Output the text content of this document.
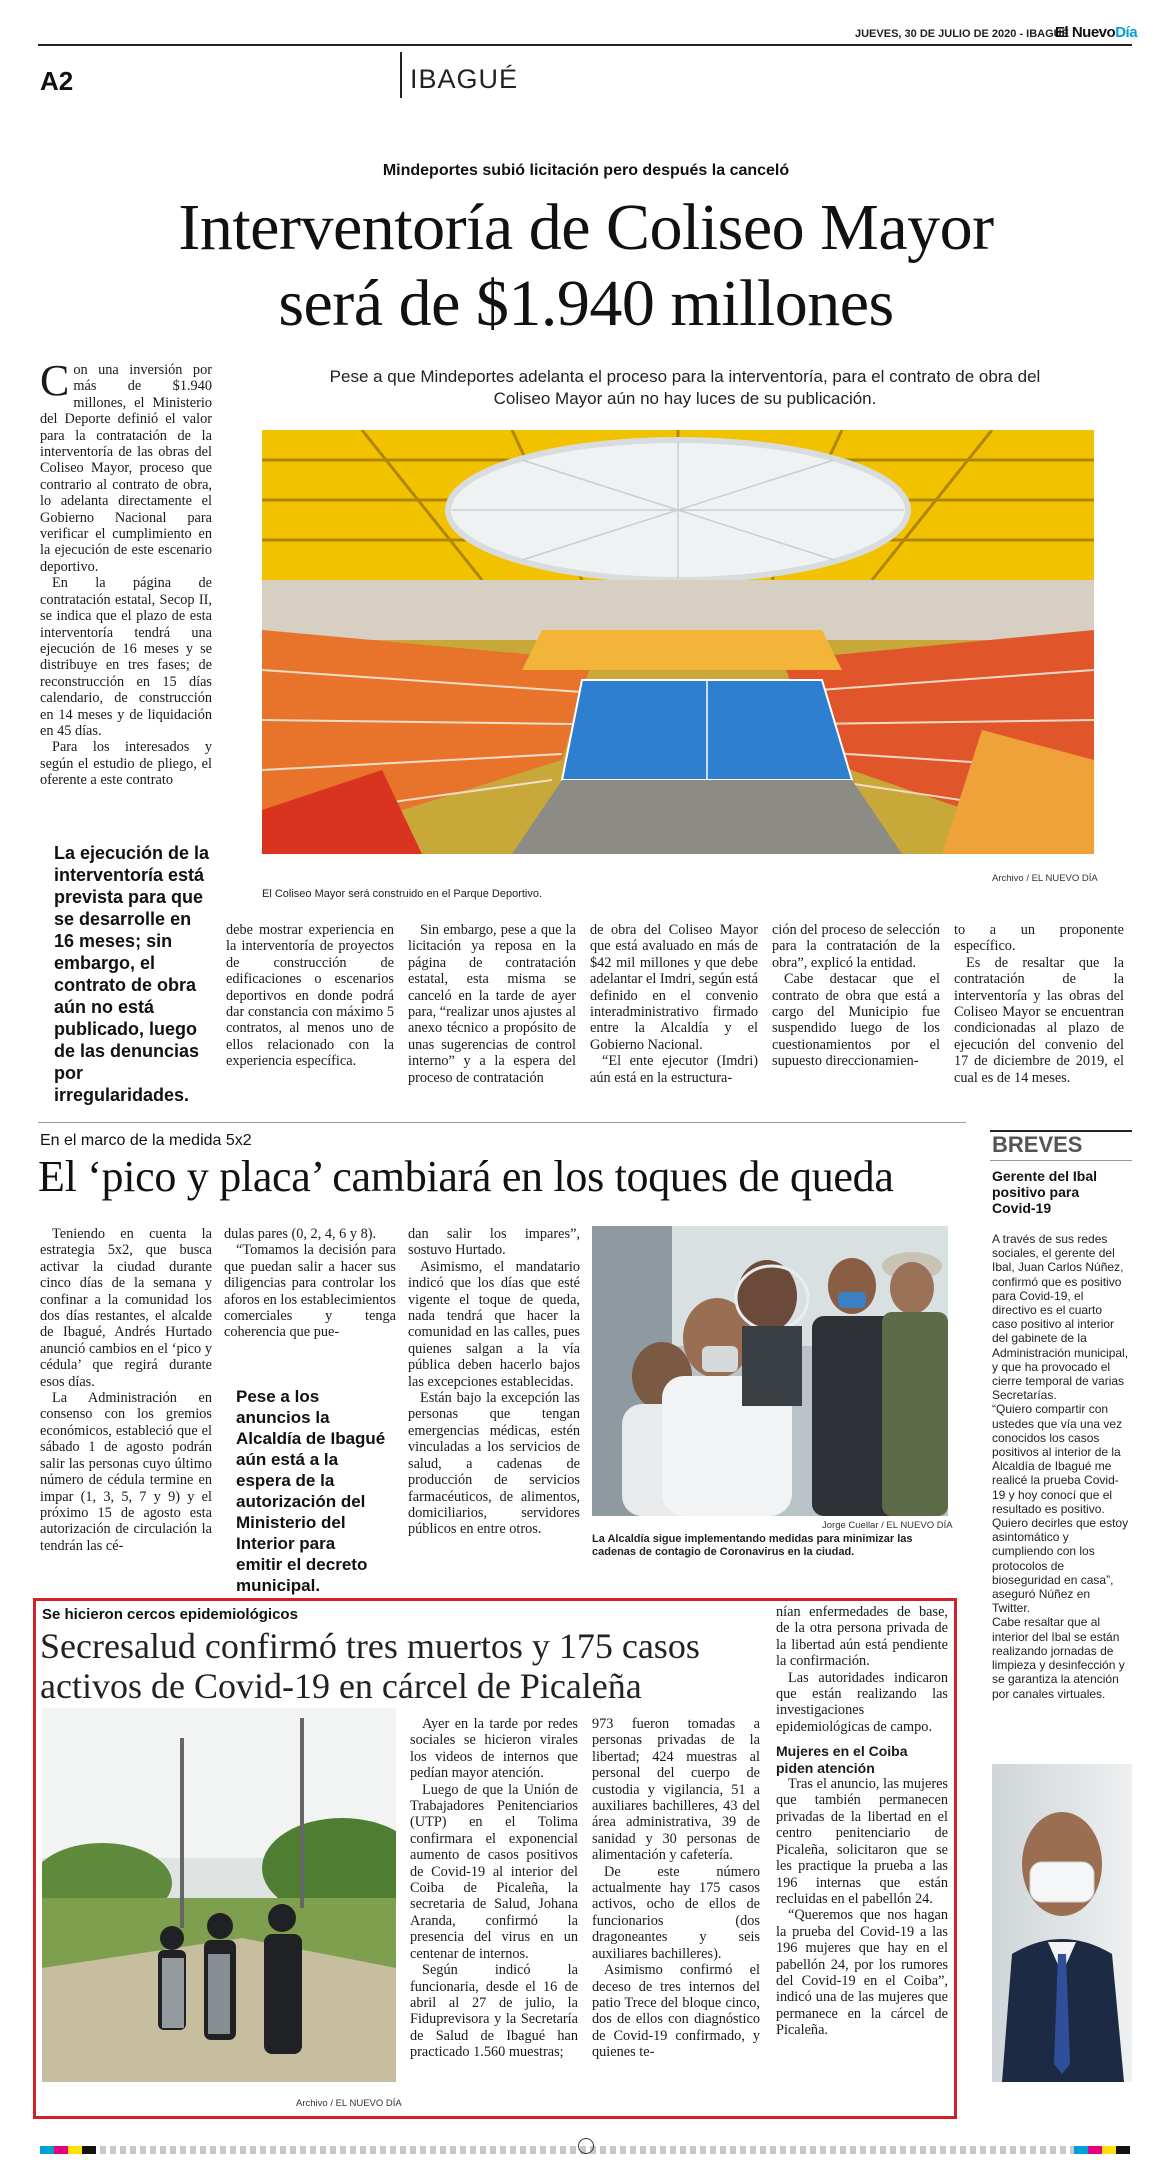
JUEVES, 30 DE JULIO DE 2020 - IBAGUÉ
El NuevoDía
A2	IBAGUÉ
Mindeportes subió licitación pero después la canceló
Interventoría de Coliseo Mayor
será de $1.940 millones
Pese a que Mindeportes adelanta el proceso para la interventoría, para el contrato de obra del
Coliseo Mayor aún no hay luces de su publicación.
C on una inversión por más de $1.940 millones, el Ministerio del Deporte definió el valor para la contratación de la interventoría de las obras del Coliseo Mayor, proceso que contrario al contrato de obra, lo adelanta directamente el Gobierno Nacional para verificar el cumplimiento en la ejecución de este escenario deportivo.

En la página de contratación estatal, Secop II, se indica que el plazo de esta interventoría tendrá una ejecución de 16 meses y se distribuye en tres fases; de reconstrucción en 15 días calendario, de construcción en 14 meses y de liquidación en 45 días.

Para los interesados y según el estudio de pliego, el oferente a este contrato

El Coliseo Mayor será construido en el Parque Deportivo.
Archivo / EL NUEVO DÍA
La ejecución de la interventoría está prevista para que se desarrolle en 16 meses; sin embargo, el contrato de obra aún no está publicado, luego de las denuncias por irregularidades.

debe mostrar experiencia en la interventoría de proyectos de construcción de edificaciones o escenarios deportivos en donde podrá dar constancia con máximo 5 contratos, al menos uno de ellos relacionado con la experiencia específica.

Sin embargo, pese a que la licitación ya reposa en la página de contratación estatal, esta misma se canceló en la tarde de ayer para, “realizar unos ajustes al anexo técnico a propósito de unas sugerencias de control interno” y a la espera del proceso de contratación

de obra del Coliseo Mayor que está avaluado en más de $42 mil millones y que debe adelantar el Imdri, según está definido en el convenio interadministrativo firmado entre la Alcaldía y el Gobierno Nacional.

“El ente ejecutor (Imdri) aún está en la estructura-

ción del proceso de selección para la contratación de la obra”, explicó la entidad.

Cabe destacar que el contrato de obra que está a cargo del Municipio fue suspendido luego de los cuestionamientos por el supuesto direccionamien-

to a un proponente específico.

Es de resaltar que la contratación de la interventoría y las obras del Coliseo Mayor se encuentran condicionadas al plazo de ejecución del convenio del 17 de diciembre de 2019, el cual es de 14 meses.

En el marco de la medida 5x2
El ‘pico y placa’ cambiará en los toques de queda

Teniendo en cuenta la estrategia 5x2, que busca activar la ciudad durante cinco días de la semana y confinar a la comunidad los dos días restantes, el alcalde de Ibagué, Andrés Hurtado anunció cambios en el ‘pico y cédula’ que regirá durante esos días.

La Administración en consenso con los gremios económicos, estableció que el sábado 1 de agosto podrán salir las personas cuyo último número de cédula termine en impar (1, 3, 5, 7 y 9) y el próximo 15 de agosto esta autorización de circulación la tendrán las cé-

dulas pares (0, 2, 4, 6 y 8).

“Tomamos la decisión para que puedan salir a hacer sus diligencias para controlar los aforos en los establecimientos comerciales y tenga coherencia que pue-

Pese a los anuncios la Alcaldía de Ibagué aún está a la espera de la autorización del Ministerio del Interior para emitir el decreto municipal.

dan salir los impares”, sostuvo Hurtado.

Asimismo, el mandatario indicó que los días que esté vigente el toque de queda, nada tendrá que hacer la comunidad en las calles, pues quienes salgan a la vía pública deben hacerlo bajos las excepciones establecidas.

Están bajo la excepción las personas que tengan emergencias médicas, estén vinculadas a los servicios de salud, a cadenas de producción de servicios farmacéuticos, de alimentos, domiciliarios, servidores públicos en entre otros.	Jorge Cuellar / EL NUEVO DÍA
La Alcaldía sigue implementando medidas para minimizar las cadenas de contagio de Coronavirus en la ciudad.
BREVES
Gerente del Ibal positivo para Covid-19

A través de sus redes sociales, el gerente del Ibal, Juan Carlos Núñez, confirmó que es positivo para Covid-19, el directivo es el cuarto caso positivo al interior del gabinete de la Administración municipal, y que ha provocado el cierre temporal de varias Secretarías.

“Quiero compartir con ustedes que vía una vez conocidos los casos positivos al interior de la Alcaldía de Ibagué me realicé la prueba Covid-19 y hoy conocí que el resultado es positivo. Quiero decirles que estoy asintomático y cumpliendo con los protocolos de bioseguridad en casa”, aseguró Núñez en Twitter.

Cabe resaltar que al interior del Ibal se están realizando jornadas de limpieza y desinfección y se garantiza la atención por canales virtuales.

Se hicieron cercos epidemiológicos
Secresalud confirmó tres muertos y 175 casos
activos de Covid-19 en cárcel de Picaleña
Archivo / EL NUEVO DÍA

Ayer en la tarde por redes sociales se hicieron virales los videos de internos que pedían mayor atención.

Luego de que la Unión de Trabajadores Penitenciarios (UTP) en el Tolima confirmara el exponencial aumento de casos positivos de Covid-19 al interior del Coiba de Picaleña, la secretaria de Salud, Johana Aranda, confirmó la presencia del virus en un centenar de internos.

Según indicó la funcionaria, desde el 16 de abril al 27 de julio, la Fiduprevisora y la Secretaría de Salud de Ibagué han practicado 1.560 muestras;

973 fueron tomadas a personas privadas de la libertad; 424 muestras al personal del cuerpo de custodia y vigilancia, 51 a auxiliares bachilleres, 43 del área administrativa, 39 de sanidad y 30 personas de alimentación y cafetería.

De este número actualmente hay 175 casos activos, ocho de ellos de funcionarios (dos dragoneantes y seis auxiliares bachilleres).

Asimismo confirmó el deceso de tres internos del patio Trece del bloque cinco, dos de ellos con diagnóstico de Covid-19 confirmado, y quienes te-

nían enfermedades de base, de la otra persona privada de la libertad aún está pendiente la confirmación.

Las autoridades indicaron que están realizando las investigaciones epidemiológicas de campo.

Mujeres en el Coiba piden atención

Tras el anuncio, las mujeres que también permanecen privadas de la libertad en el centro penitenciario de Picaleña, solicitaron que se les practique la prueba a las 196 internas que están recluidas en el pabellón 24.

“Queremos que nos hagan la prueba del Covid-19 a las 196 mujeres que hay en el pabellón 24, por los rumores del Covid-19 en el Coiba”, indicó una de las mujeres que permanece en la cárcel de Picaleña.
